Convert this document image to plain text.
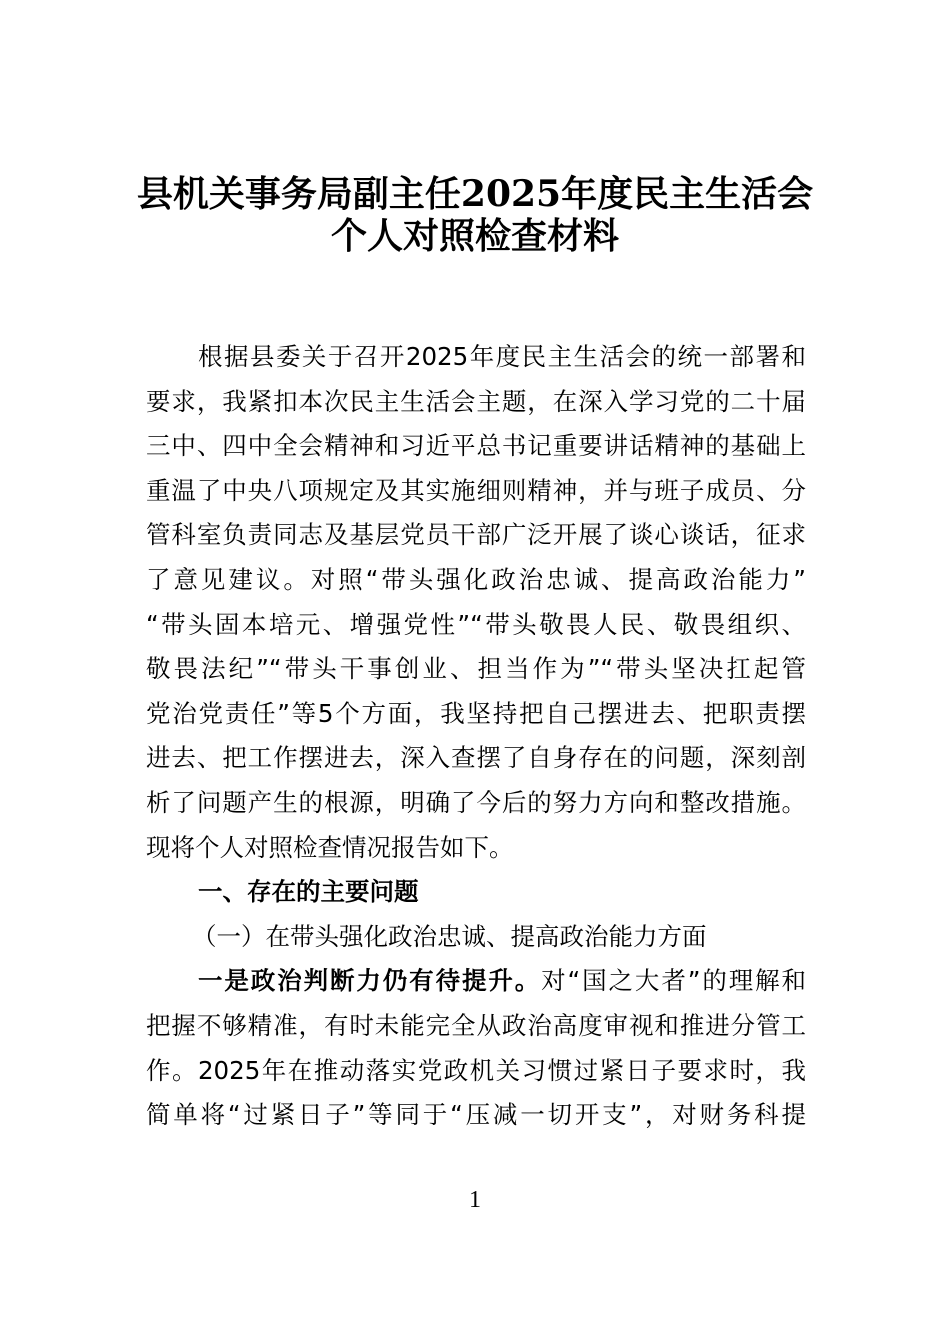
县机关事务局副主任2025年度民主生活会
个人对照检查材料
根据县委关于召开2025年度民主生活会的统一部署和
要求，我紧扣本次民主生活会主题，在深入学习党的二十届
三中、四中全会精神和习近平总书记重要讲话精神的基础上
重温了中央八项规定及其实施细则精神，并与班子成员、分
管科室负责同志及基层党员干部广泛开展了谈心谈话，征求
了意见建议。对照“带头强化政治忠诚、提高政治能力”
“带头固本培元、增强党性”“带头敬畏人民、敬畏组织、
敬畏法纪”“带头干事创业、担当作为”“带头坚决扛起管
党治党责任”等5个方面，我坚持把自己摆进去、把职责摆
进去、把工作摆进去，深入查摆了自身存在的问题，深刻剖
析了问题产生的根源，明确了今后的努力方向和整改措施。
现将个人对照检查情况报告如下。
一、存在的主要问题
（一）在带头强化政治忠诚、提高政治能力方面
一是政治判断力仍有待提升。对“国之大者”的理解和
把握不够精准，有时未能完全从政治高度审视和推进分管工
作。2025年在推动落实党政机关习惯过紧日子要求时，我
简单将“过紧日子”等同于“压减一切开支”，对财务科提
1
